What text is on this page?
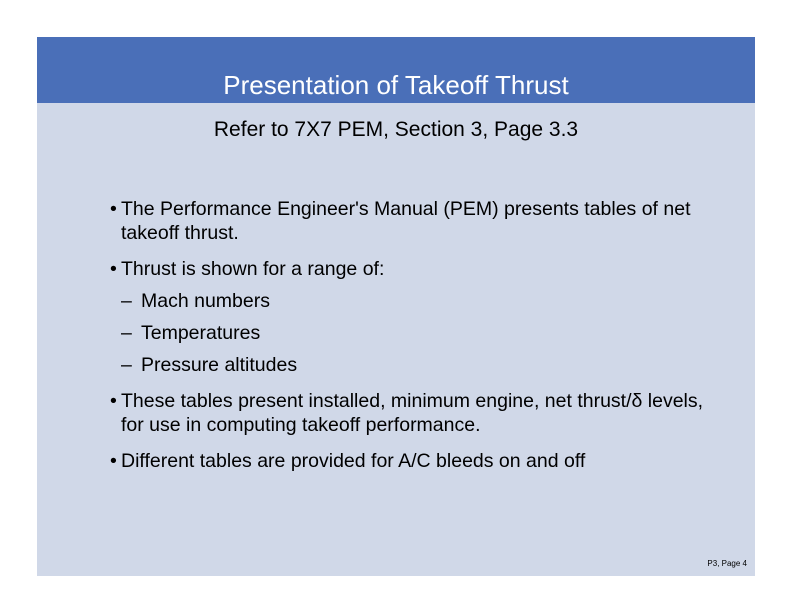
Presentation of Takeoff Thrust

Refer to 7X7 PEM, Section 3, Page 3.3

• The Performance Engineer's Manual (PEM) presents tables of net takeoff thrust.
• Thrust is shown for a range of:
– Mach numbers
– Temperatures
– Pressure altitudes
• These tables present installed, minimum engine, net thrust/δ levels, for use in computing takeoff performance.
• Different tables are provided for A/C bleeds on and off
P3, Page 4
